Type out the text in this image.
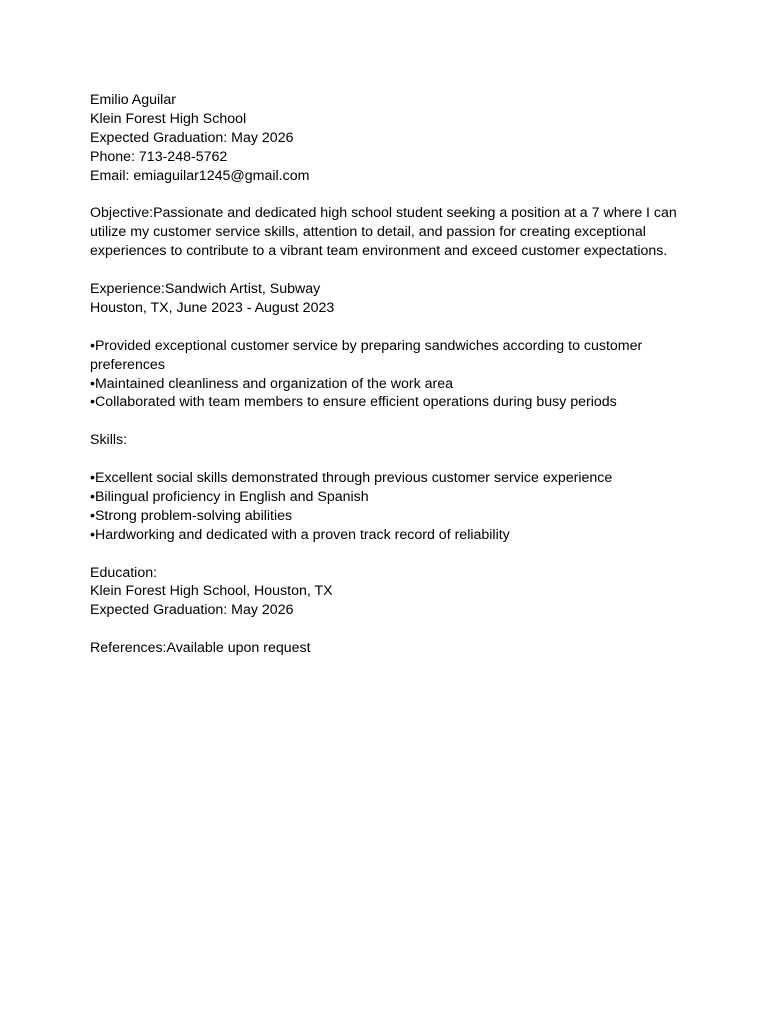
Emilio Aguilar
Klein Forest High School
Expected Graduation: May 2026
Phone: 713-248-5762
Email: emiaguilar1245@gmail.com
Objective:Passionate and dedicated high school student seeking a position at a 7 where I can
utilize my customer service skills, attention to detail, and passion for creating exceptional
experiences to contribute to a vibrant team environment and exceed customer expectations.
Experience:Sandwich Artist, Subway
Houston, TX, June 2023 - August 2023
•Provided exceptional customer service by preparing sandwiches according to customer
preferences
•Maintained cleanliness and organization of the work area
•Collaborated with team members to ensure efficient operations during busy periods
Skills:
•Excellent social skills demonstrated through previous customer service experience
•Bilingual proficiency in English and Spanish
•Strong problem-solving abilities
•Hardworking and dedicated with a proven track record of reliability
Education:
Klein Forest High School, Houston, TX
Expected Graduation: May 2026
References:Available upon request
